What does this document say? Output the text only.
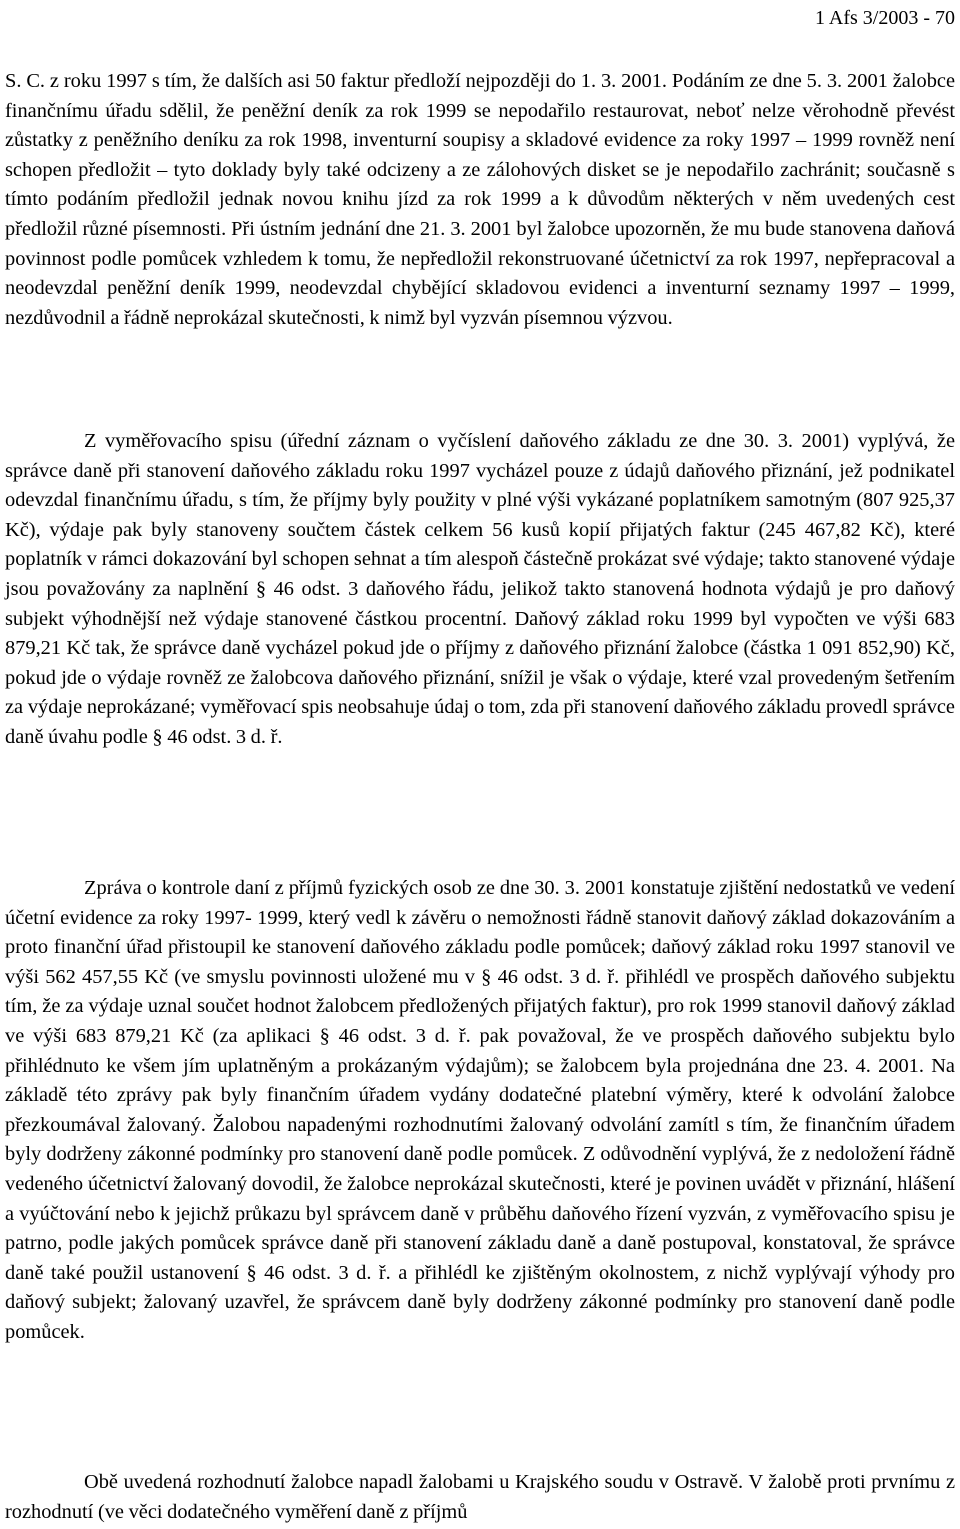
1 Afs 3/2003 - 70

S. C. z roku 1997 s tím, že dalších asi 50 faktur předloží nejpozději do 1. 3. 2001. Podáním ze dne 5. 3. 2001 žalobce finančnímu úřadu sdělil, že peněžní deník za rok 1999 se nepodařilo restaurovat, neboť nelze věrohodně převést zůstatky z peněžního deníku za rok 1998, inventurní soupisy a skladové evidence za roky 1997 – 1999 rovněž není schopen předložit – tyto doklady byly také odcizeny a ze zálohových disket se je nepodařilo zachránit; současně s tímto podáním předložil jednak novou knihu jízd za rok 1999 a k důvodům některých v něm uvedených cest předložil různé písemnosti. Při ústním jednání dne 21. 3. 2001 byl žalobce upozorněn, že mu bude stanovena daňová povinnost podle pomůcek vzhledem k tomu, že nepředložil rekonstruované účetnictví za rok 1997, nepřepracoval a neodevzdal peněžní deník 1999, neodevzdal chybějící skladovou evidenci a inventurní seznamy 1997 – 1999, nezdůvodnil a řádně neprokázal skutečnosti, k nimž byl vyzván písemnou výzvou.

Z vyměřovacího spisu (úřední záznam o vyčíslení daňového základu ze dne 30. 3. 2001) vyplývá, že správce daně při stanovení daňového základu roku 1997 vycházel pouze z údajů daňového přiznání, jež podnikatel odevzdal finančnímu úřadu, s tím, že příjmy byly použity v plné výši vykázané poplatníkem samotným (807 925,37 Kč), výdaje pak byly stanoveny součtem částek celkem 56 kusů kopií přijatých faktur (245 467,82 Kč), které poplatník v rámci dokazování byl schopen sehnat a tím alespoň částečně prokázat své výdaje; takto stanovené výdaje jsou považovány za naplnění § 46 odst. 3 daňového řádu, jelikož takto stanovená hodnota výdajů je pro daňový subjekt výhodnější než výdaje stanovené částkou procentní. Daňový základ roku 1999 byl vypočten ve výši 683 879,21 Kč tak, že správce daně vycházel pokud jde o příjmy z daňového přiznání žalobce (částka 1 091 852,90) Kč, pokud jde o výdaje rovněž ze žalobcova daňového přiznání, snížil je však o výdaje, které vzal provedeným šetřením za výdaje neprokázané; vyměřovací spis neobsahuje údaj o tom, zda při stanovení daňového základu provedl správce daně úvahu podle § 46 odst. 3 d. ř.

Zpráva o kontrole daní z příjmů fyzických osob ze dne 30. 3. 2001 konstatuje zjištění nedostatků ve vedení účetní evidence za roky 1997- 1999, který vedl k závěru o nemožnosti řádně stanovit daňový základ dokazováním a proto finanční úřad přistoupil ke stanovení daňového základu podle pomůcek; daňový základ roku 1997 stanovil ve výši 562 457,55 Kč (ve smyslu povinnosti uložené mu v § 46 odst. 3 d. ř. přihlédl ve prospěch daňového subjektu tím, že za výdaje uznal součet hodnot žalobcem předložených přijatých faktur), pro rok 1999 stanovil daňový základ ve výši 683 879,21 Kč (za aplikaci § 46 odst. 3 d. ř. pak považoval, že ve prospěch daňového subjektu bylo přihlédnuto ke všem jím uplatněným a prokázaným výdajům); se žalobcem byla projednána dne 23. 4. 2001. Na základě této zprávy pak byly finančním úřadem vydány dodatečné platební výměry, které k odvolání žalobce přezkoumával žalovaný. Žalobou napadenými rozhodnutími žalovaný odvolání zamítl s tím, že finančním úřadem byly dodrženy zákonné podmínky pro stanovení daně podle pomůcek. Z odůvodnění vyplývá, že z nedoložení řádně vedeného účetnictví žalovaný dovodil, že žalobce neprokázal skutečnosti, které je povinen uvádět v přiznání, hlášení a vyúčtování nebo k jejichž průkazu byl správcem daně v průběhu daňového řízení vyzván, z vyměřovacího spisu je patrno, podle jakých pomůcek správce daně při stanovení základu daně a daně postupoval, konstatoval, že správce daně také použil ustanovení § 46 odst. 3 d. ř. a přihlédl ke zjištěným okolnostem, z nichž vyplývají výhody pro daňový subjekt; žalovaný uzavřel, že správcem daně byly dodrženy zákonné podmínky pro stanovení daně podle pomůcek.

Obě uvedená rozhodnutí žalobce napadl žalobami u Krajského soudu v Ostravě. V žalobě proti prvnímu z rozhodnutí (ve věci dodatečného vyměření daně z příjmů
